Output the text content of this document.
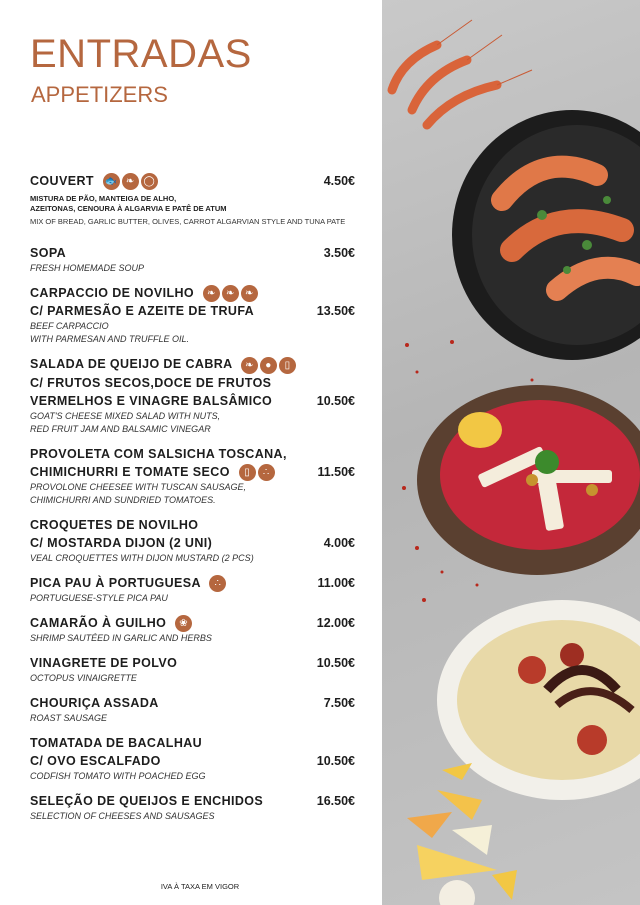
ENTRADAS
APPETIZERS
COUVERT 🐟 ❧ ◯	4.50€
MISTURA DE PÃO, MANTEIGA DE ALHO,
AZEITONAS, CENOURA À ALGARVIA E PATÊ DE ATUM
MIX OF BREAD, GARLIC BUTTER, OLIVES, CARROT ALGARVIAN STYLE AND TUNA PATE
SOPA	3.50€
FRESH HOMEMADE SOUP
CARPACCIO DE NOVILHO	❧	❧	❧
C/ PARMESÃO E AZEITE DE TRUFA	13.50€
BEEF CARPACCIO
WITH PARMESAN AND TRUFFLE OIL.
SALADA DE QUEIJO DE CABRA	❧	●	▯
C/ FRUTOS SECOS,DOCE DE FRUTOS
VERMELHOS E VINAGRE BALSÂMICO	10.50€
GOAT'S CHEESE MIXED SALAD WITH NUTS,
RED FRUIT JAM AND BALSAMIC VINEGAR
PROVOLETA COM SALSICHA TOSCANA,
CHIMICHURRI E TOMATE SECO	▯	∴	11.50€
PROVOLONE CHEESEE WITH TUSCAN SAUSAGE,
CHIMICHURRI AND SUNDRIED TOMATOES.
CROQUETES DE NOVILHO
C/ MOSTARDA DIJON (2 UNI)	4.00€
VEAL CROQUETTES WITH DIJON MUSTARD (2 PCS)
PICA PAU À PORTUGUESA	∴	11.00€
PORTUGUESE-STYLE PICA PAU
CAMARÃO À GUILHO	❀	12.00€
SHRIMP SAUTÉED IN GARLIC AND HERBS
VINAGRETE DE POLVO	10.50€
OCTOPUS VINAIGRETTE
CHOURIÇA ASSADA	7.50€
ROAST SAUSAGE
TOMATADA DE BACALHAU
C/ OVO ESCALFADO	10.50€
CODFISH TOMATO WITH POACHED EGG
SELEÇÃO DE QUEIJOS E ENCHIDOS	16.50€
SELECTION OF CHEESES AND SAUSAGES
IVA À TAXA EM VIGOR
